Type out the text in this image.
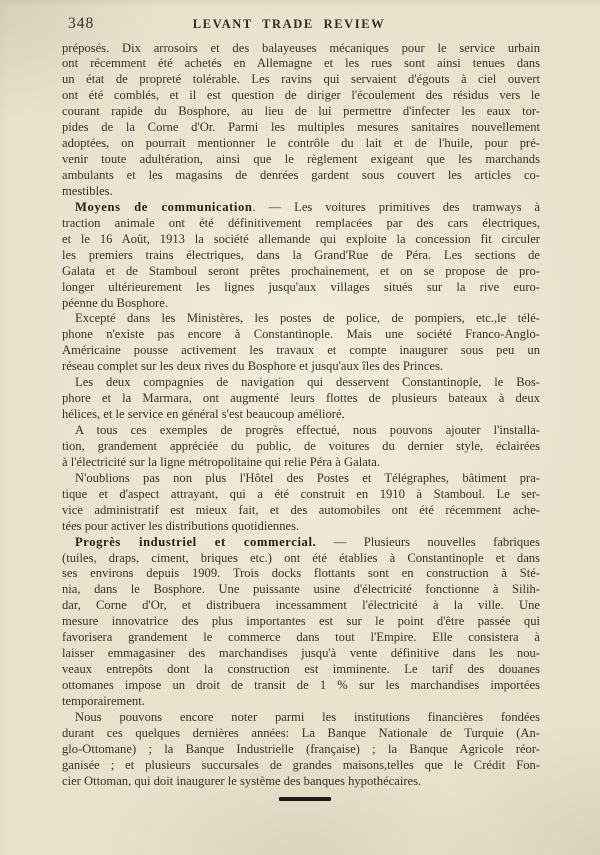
348	LEVANT TRADE REVIEW
préposés. Dix arrosoirs et des balayeuses mécaniques pour le service urbain
ont récemment été achetés en Allemagne et les rues sont ainsi tenues dans
un état de propreté tolérable. Les ravins qui servaient d'égouts à ciel ouvert
ont été comblés, et il est question de diriger l'écoulement des résidus vers le
courant rapide du Bosphore, au lieu de lui permettre d'infecter les eaux tor-
pides de la Corne d'Or. Parmi les multiples mesures sanitaires nouvellement
adoptées, on pourrait mentionner le contrôle du lait et de l'huile, pour pré-
venir toute adultération, ainsi que le règlement exigeant que les marchands
ambulants et les magasins de denrées gardent sous couvert les articles co-
mestibles.
Moyens de communication. — Les voitures primitives des tramways à
traction animale ont été définitivement remplacées par des cars électriques,
et le 16 Août, 1913 la société allemande qui exploite la concession fit circuler
les premiers trains électriques, dans la Grand'Rue de Péra. Les sections de
Galata et de Stamboul seront prêtes prochainement, et on se propose de pro-
longer ultérieurement les lignes jusqu'aux villages situés sur la rive euro-
péenne du Bosphore.
Excepté dans les Ministères, les postes de police, de pompiers, etc.,le télé-
phone n'existe pas encore à Constantinople. Mais une société Franco-Anglo-
Américaine pousse activement les travaux et compte inaugurer sous peu un
réseau complet sur les deux rives du Bosphore et jusqu'aux îles des Princes.
Les deux compagnies de navigation qui desservent Constantinople, le Bos-
phore et la Marmara, ont augmenté leurs flottes de plusieurs bateaux à deux
hélices, et le service en général s'est beaucoup amélioré.
A tous ces exemples de progrès effectué, nous pouvons ajouter l'installa-
tion, grandement appréciée du public, de voitures du dernier style, éclairées
à l'électricité sur la ligne métropolitaine qui relie Péra à Galata.
N'oublions pas non plus l'Hôtel des Postes et Télégraphes, bâtiment pra-
tique et d'aspect attrayant, qui a été construit en 1910 à Stamboul. Le ser-
vice administratif est mieux fait, et des automobiles ont été récemment ache-
tées pour activer les distributions quotidiennes.
Progrès industriel et commercial. — Plusieurs nouvelles fabriques
(tuiles, draps, ciment, briques etc.) ont été établies à Constantinople et dans
ses environs depuis 1909. Trois docks flottants sont en construction à Sté-
nia, dans le Bosphore. Une puissante usine d'électricité fonctionne à Silih-
dar, Corne d'Or, et distribuera incessamment l'électricité à la ville. Une
mesure innovatrice des plus importantes est sur le point d'être passée qui
favorisera grandement le commerce dans tout l'Empire. Elle consistera à
laisser emmagasiner des marchandises jusqu'à vente définitive dans les nou-
veaux entrepôts dont la construction est imminente. Le tarif des douanes
ottomanes impose un droit de transit de 1 % sur les marchandises importées
temporairement.
Nous pouvons encore noter parmi les institutions financières fondées
durant ces quelques dernières années: La Banque Nationale de Turquie (An-
glo-Ottomane) ; la Banque Industrielle (française) ; la Banque Agricole réor-
ganisée ; et plusieurs succursales de grandes maisons,telles que le Crédit Fon-
cier Ottoman, qui doit inaugurer le système des banques hypothécaires.
